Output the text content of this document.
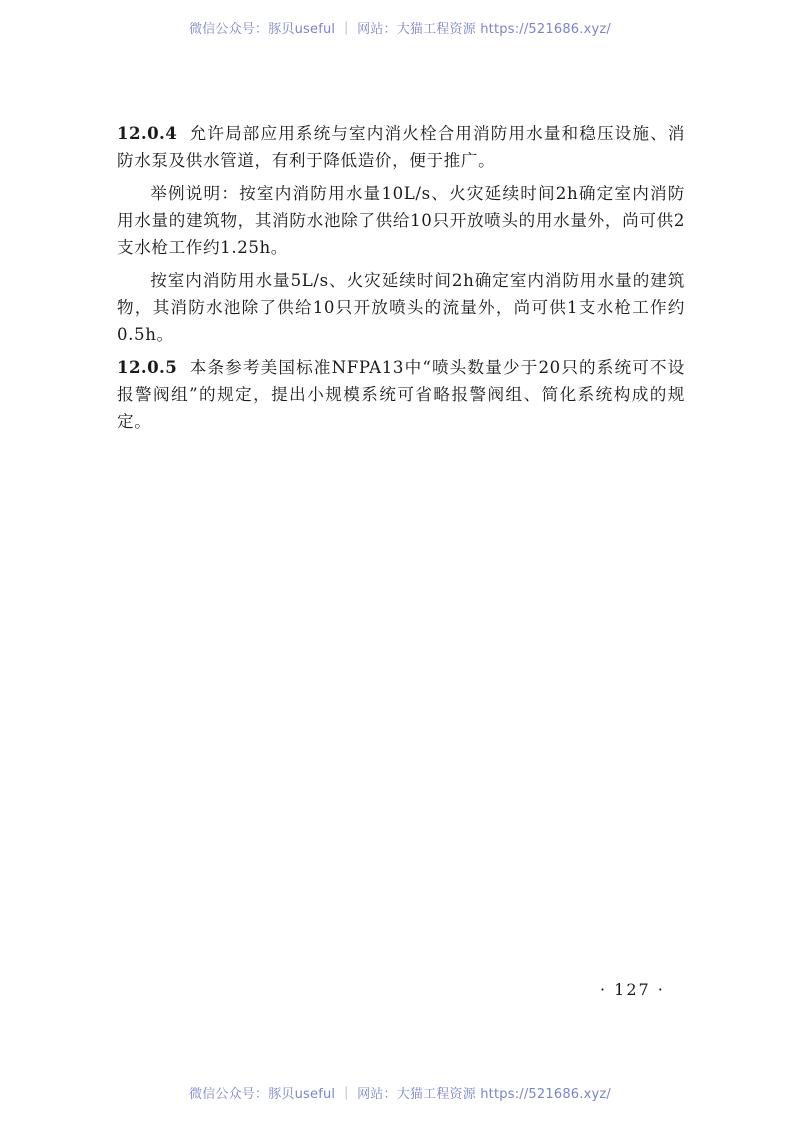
微信公众号：豚贝useful ｜ 网站：大猫工程资源 https://521686.xyz/

12.0.4 允许局部应用系统与室内消火栓合用消防用水量和稳压设施、消防水泵及供水管道，有利于降低造价，便于推广。

举例说明：按室内消防用水量10L/s、火灾延续时间2h确定室内消防用水量的建筑物，其消防水池除了供给10只开放喷头的用水量外，尚可供2支水枪工作约1.25h。

按室内消防用水量5L/s、火灾延续时间2h确定室内消防用水量的建筑物，其消防水池除了供给10只开放喷头的流量外，尚可供1支水枪工作约0.5h。

12.0.5 本条参考美国标准NFPA13中“喷头数量少于20只的系统可不设报警阀组”的规定，提出小规模系统可省略报警阀组、简化系统构成的规定。

· 127 ·
微信公众号：豚贝useful ｜ 网站：大猫工程资源 https://521686.xyz/
